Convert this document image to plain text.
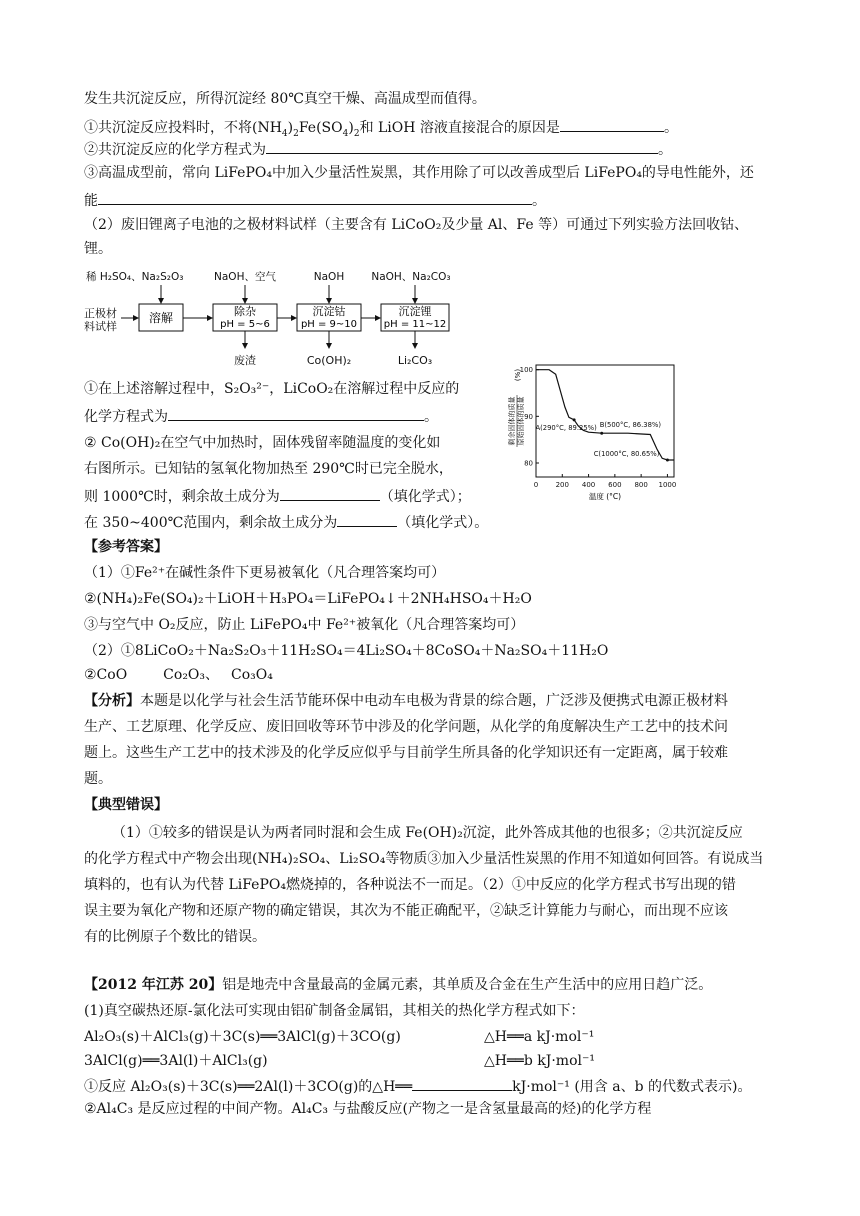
发生共沉淀反应，所得沉淀经 80℃真空干燥、高温成型而值得。
①共沉淀反应投料时，不将$(NH_4)_2Fe(SO_4)_2$和 LiOH 溶液直接混合的原因是	。
②共沉淀反应的化学方程式为	。
③高温成型前，常向 LiFePO₄中加入少量活性炭黑，其作用除了可以改善成型后 LiFePO₄的导电性能外，还
能	。
（2）废旧锂离子电池的之极材料试样（主要含有 LiCoO₂及少量 Al、Fe 等）可通过下列实验方法回收钴、
锂。
正极材
料试样
溶解	除杂
pH = 5~6
沉淀钴
pH = 9~10
沉淀锂
pH = 11~12
稀 H₂SO₄、Na₂S₂O₃	NaOH、空气	NaOH	NaOH、Na₂CO₃
废渣	Co(OH)₂	Li₂CO₃
①在上述溶解过程中，S₂O₃²⁻，LiCoO₂在溶解过程中反应的
化学方程式为	。
② Co(OH)₂在空气中加热时，固体残留率随温度的变化如
右图所示。已知钴的氢氧化物加热至 290℃时已完全脱水，
则 1000℃时，剩余故土成分为	（填化学式）；
在 350~400℃范围内，剩余故土成分为	（填化学式）。
0 200 400 600 800 1000
80
90
100
A(290°C, 89.25%) B(500°C, 86.38%)
C(1000°C, 80.65%)
剩余固体的质量 原始固体的质量
(%)
温度 (°C)
【参考答案】
（1）①Fe²⁺在碱性条件下更易被氧化（凡合理答案均可）
②(NH₄)₂Fe(SO₄)₂＋LiOH＋H₃PO₄＝LiFePO₄↓＋2NH₄HSO₄＋H₂O
③与空气中 O₂反应，防止 LiFePO₄中 Fe²⁺被氧化（凡合理答案均可）
（2）①8LiCoO₂＋Na₂S₂O₃＋11H₂SO₄＝4Li₂SO₄＋8CoSO₄＋Na₂SO₄＋11H₂O
②CoO	Co₂O₃、 Co₃O₄
【分析】本题是以化学与社会生活节能环保中电动车电极为背景的综合题，广泛涉及便携式电源正极材料
生产、工艺原理、化学反应、废旧回收等环节中涉及的化学问题，从化学的角度解决生产工艺中的技术问
题上。这些生产工艺中的技术涉及的化学反应似乎与目前学生所具备的化学知识还有一定距离，属于较难
题。
【典型错误】
（1）①较多的错误是认为两者同时混和会生成 Fe(OH)₂沉淀，此外答成其他的也很多；②共沉淀反应
的化学方程式中产物会出现(NH₄)₂SO₄、Li₂SO₄等物质③加入少量活性炭黑的作用不知道如何回答。有说成当
填料的，也有认为代替 LiFePO₄燃烧掉的，各种说法不一而足。（2）①中反应的化学方程式书写出现的错
误主要为氧化产物和还原产物的确定错误，其次为不能正确配平，②缺乏计算能力与耐心，而出现不应该
有的比例原子个数比的错误。
【2012 年江苏 20】铝是地壳中含量最高的金属元素，其单质及合金在生产生活中的应用日趋广泛。
(1)真空碳热还原-氯化法可实现由铝矿制备金属铝，其相关的热化学方程式如下：
Al₂O₃(s)＋AlCl₃(g)＋3C(s)══3AlCl(g)＋3CO(g)	△H══a kJ·mol⁻¹
3AlCl(g)══3Al(l)＋AlCl₃(g)	△H══b kJ·mol⁻¹
①反应 Al₂O₃(s)＋3C(s)══2Al(l)＋3CO(g)的△H══	kJ·mol⁻¹ (用含 a、b 的代数式表示)。
②Al₄C₃ 是反应过程的中间产物。Al₄C₃ 与盐酸反应(产物之一是含氢量最高的烃)的化学方程
